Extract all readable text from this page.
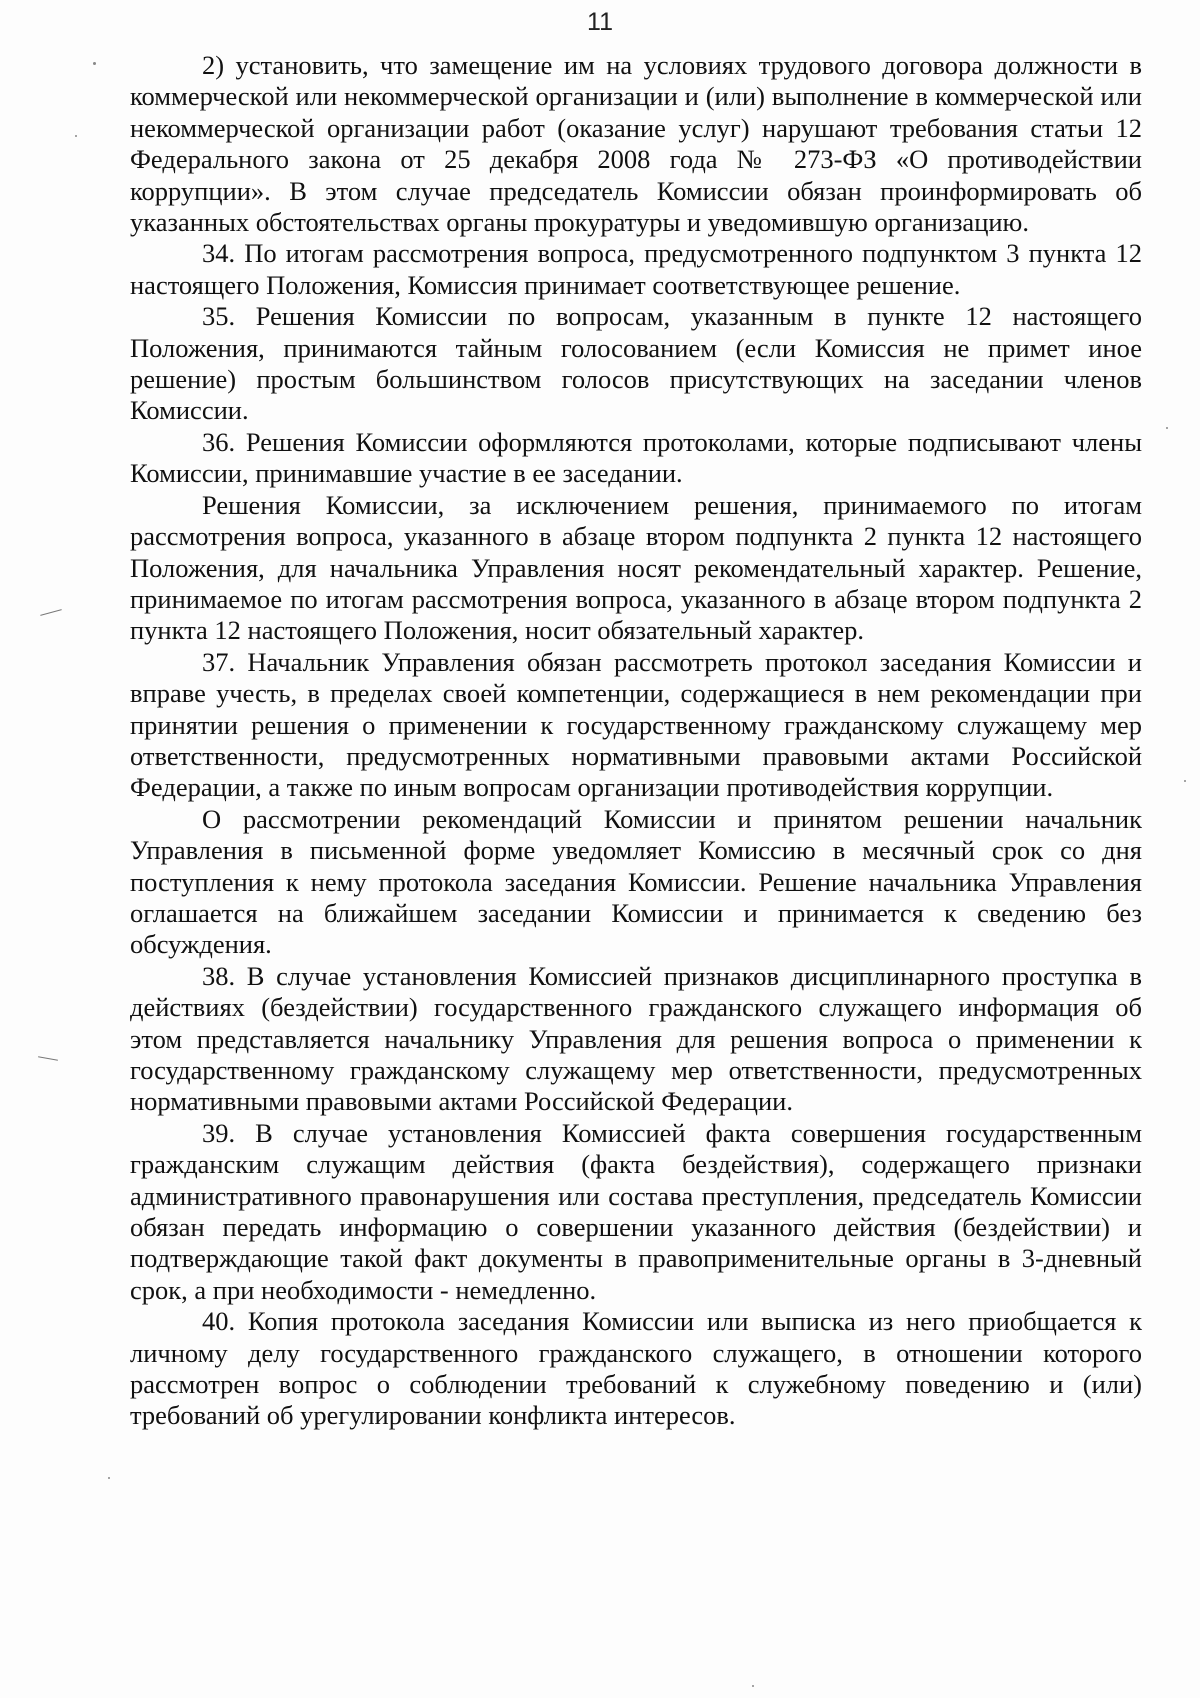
11

2) установить, что замещение им на условиях трудового договора должности в коммерческой или некоммерческой организации и (или) выполнение в коммерческой или некоммерческой организации работ (оказание услуг) нарушают требования статьи 12 Федерального закона от 25 декабря 2008 года № 273-ФЗ «О противодействии коррупции». В этом случае председатель Комиссии обязан проинформировать об указанных обстоятельствах органы прокуратуры и уведомившую организацию.

34. По итогам рассмотрения вопроса, предусмотренного подпунктом 3 пункта 12 настоящего Положения, Комиссия принимает соответствующее решение.

35. Решения Комиссии по вопросам, указанным в пункте 12 настоящего Положения, принимаются тайным голосованием (если Комиссия не примет иное решение) простым большинством голосов присутствующих на заседании членов Комиссии.

36. Решения Комиссии оформляются протоколами, которые подписывают члены Комиссии, принимавшие участие в ее заседании.

Решения Комиссии, за исключением решения, принимаемого по итогам рассмотрения вопроса, указанного в абзаце втором подпункта 2 пункта 12 настоящего Положения, для начальника Управления носят рекомендательный характер. Решение, принимаемое по итогам рассмотрения вопроса, указанного в абзаце втором подпункта 2 пункта 12 настоящего Положения, носит обязательный характер.

37. Начальник Управления обязан рассмотреть протокол заседания Комиссии и вправе учесть, в пределах своей компетенции, содержащиеся в нем рекомендации при принятии решения о применении к государственному гражданскому служащему мер ответственности, предусмотренных нормативными правовыми актами Российской Федерации, а также по иным вопросам организации противодействия коррупции.

О рассмотрении рекомендаций Комиссии и принятом решении начальник Управления в письменной форме уведомляет Комиссию в месячный срок со дня поступления к нему протокола заседания Комиссии. Решение начальника Управления оглашается на ближайшем заседании Комиссии и принимается к сведению без обсуждения.

38. В случае установления Комиссией признаков дисциплинарного проступка в действиях (бездействии) государственного гражданского служащего информация об этом представляется начальнику Управления для решения вопроса о применении к государственному гражданскому служащему мер ответственности, предусмотренных нормативными правовыми актами Российской Федерации.

39. В случае установления Комиссией факта совершения государственным гражданским служащим действия (факта бездействия), содержащего признаки административного правонарушения или состава преступления, председатель Комиссии обязан передать информацию о совершении указанного действия (бездействии) и подтверждающие такой факт документы в правоприменительные органы в 3-дневный срок, а при необходимости - немедленно.

40. Копия протокола заседания Комиссии или выписка из него приобщается к личному делу государственного гражданского служащего, в отношении которого рассмотрен вопрос о соблюдении требований к служебному поведению и (или) требований об урегулировании конфликта интересов.
